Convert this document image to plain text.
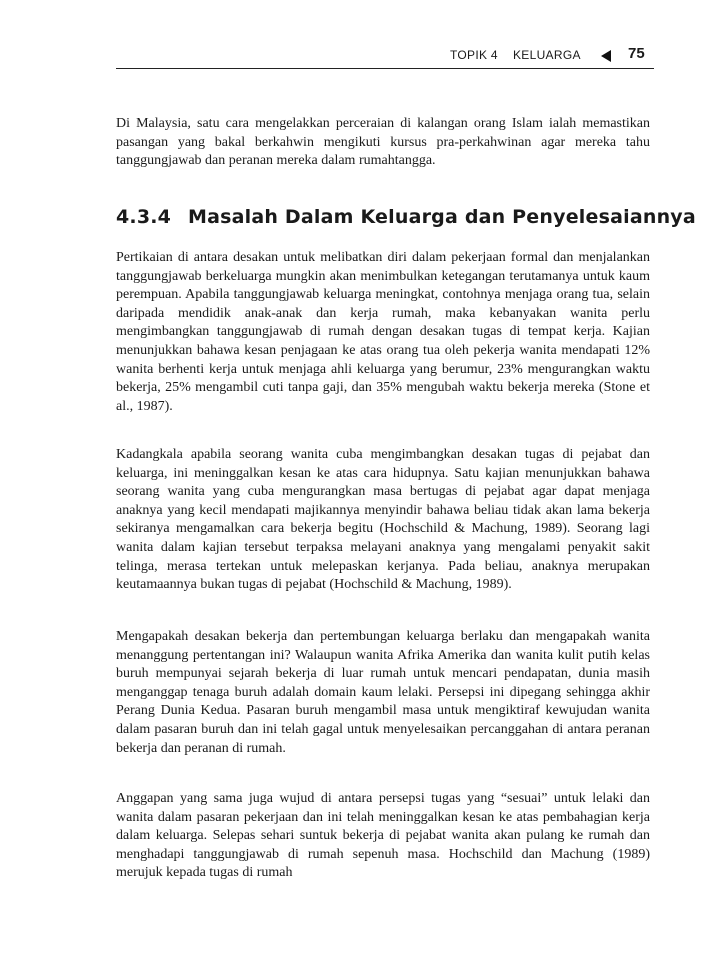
TOPIK 4 KELUARGA	75

Di Malaysia, satu cara mengelakkan perceraian di kalangan orang Islam ialah memastikan pasangan yang bakal berkahwin mengikuti kursus pra-perkahwinan agar mereka tahu tanggungjawab dan peranan mereka dalam rumahtangga.

4.3.4 Masalah Dalam Keluarga dan Penyelesaiannya

Pertikaian di antara desakan untuk melibatkan diri dalam pekerjaan formal dan menjalankan tanggungjawab berkeluarga mungkin akan menimbulkan ketegangan terutamanya untuk kaum perempuan. Apabila tanggungjawab keluarga meningkat, contohnya menjaga orang tua, selain daripada mendidik anak-anak dan kerja rumah, maka kebanyakan wanita perlu mengimbangkan tanggungjawab di rumah dengan desakan tugas di tempat kerja. Kajian menunjukkan bahawa kesan penjagaan ke atas orang tua oleh pekerja wanita mendapati 12% wanita berhenti kerja untuk menjaga ahli keluarga yang berumur, 23% mengurangkan waktu bekerja, 25% mengambil cuti tanpa gaji, dan 35% mengubah waktu bekerja mereka (Stone et al., 1987).

Kadangkala apabila seorang wanita cuba mengimbangkan desakan tugas di pejabat dan keluarga, ini meninggalkan kesan ke atas cara hidupnya. Satu kajian menunjukkan bahawa seorang wanita yang cuba mengurangkan masa bertugas di pejabat agar dapat menjaga anaknya yang kecil mendapati majikannya menyindir bahawa beliau tidak akan lama bekerja sekiranya mengamalkan cara bekerja begitu (Hochschild & Machung, 1989). Seorang lagi wanita dalam kajian tersebut terpaksa melayani anaknya yang mengalami penyakit sakit telinga, merasa tertekan untuk melepaskan kerjanya. Pada beliau, anaknya merupakan keutamaannya bukan tugas di pejabat (Hochschild & Machung, 1989).

Mengapakah desakan bekerja dan pertembungan keluarga berlaku dan mengapakah wanita menanggung pertentangan ini? Walaupun wanita Afrika Amerika dan wanita kulit putih kelas buruh mempunyai sejarah bekerja di luar rumah untuk mencari pendapatan, dunia masih menganggap tenaga buruh adalah domain kaum lelaki. Persepsi ini dipegang sehingga akhir Perang Dunia Kedua. Pasaran buruh mengambil masa untuk mengiktiraf kewujudan wanita dalam pasaran buruh dan ini telah gagal untuk menyelesaikan percanggahan di antara peranan bekerja dan peranan di rumah.

Anggapan yang sama juga wujud di antara persepsi tugas yang “sesuai” untuk lelaki dan wanita dalam pasaran pekerjaan dan ini telah meninggalkan kesan ke atas pembahagian kerja dalam keluarga. Selepas sehari suntuk bekerja di pejabat wanita akan pulang ke rumah dan menghadapi tanggungjawab di rumah sepenuh masa. Hochschild dan Machung (1989) merujuk kepada tugas di rumah
